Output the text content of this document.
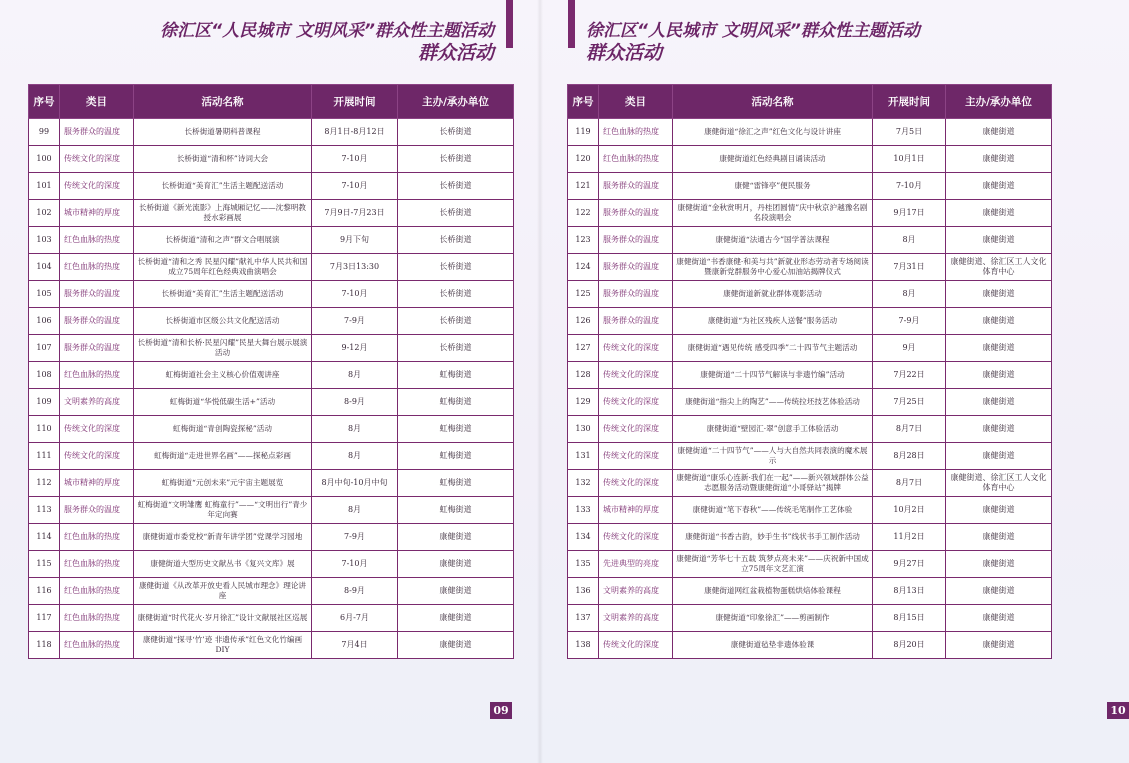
徐汇区“人民城市 文明风采”群众性主题活动
群众活动
序号	类目	活动名称	开展时间	主办/承办单位
99	服务群众的温度	长桥街道暑期科普课程	8月1日-8月12日	长桥街道
100	传统文化的深度	长桥街道“清和杯”诗词大会	7-10月	长桥街道
101	传统文化的深度	长桥街道“美育汇”生活主题配送活动	7-10月	长桥街道
102	城市精神的厚度	长桥街道《新光流影》上海城厢记忆——沈黎明教授水彩画展	7月9日-7月23日	长桥街道
103	红色血脉的热度	长桥街道“清和之声”群文合唱展演	9月下旬	长桥街道
104	红色血脉的热度	长桥街道“清和之秀 民星闪耀”献礼中华人民共和国成立75周年红色经典戏曲演唱会	7月3日13:30	长桥街道
105	服务群众的温度	长桥街道“美育汇”生活主题配送活动	7-10月	长桥街道
106	服务群众的温度	长桥街道市区级公共文化配送活动	7-9月	长桥街道
107	服务群众的温度	长桥街道“清和长桥·民星闪耀”民星大舞台展示展演活动	9-12月	长桥街道
108	红色血脉的热度	虹梅街道社会主义核心价值观讲座	8月	虹梅街道
109	文明素养的高度	虹梅街道“华悦低碳生活+”活动	8-9月	虹梅街道
110	传统文化的深度	虹梅街道“青创陶瓷探秘”活动	8月	虹梅街道
111	传统文化的深度	虹梅街道“走进世界名画”——探秘点彩画	8月	虹梅街道
112	城市精神的厚度	虹梅街道“元创未来”元宇宙主题展览	8月中旬-10月中旬	虹梅街道
113	服务群众的温度	虹梅街道“文明雏鹰 虹梅童行”——“文明出行”青少年定向赛	8月	虹梅街道
114	红色血脉的热度	康健街道市委党校“新青年讲学团”党课学习园地	7-9月	康健街道
115	红色血脉的热度	康健街道大型历史文献丛书《复兴文库》展	7-10月	康健街道
116	红色血脉的热度	康健街道《从改革开放史看人民城市理念》理论讲座	8-9月	康健街道
117	红色血脉的热度	康健街道“时代花火·岁月徐汇”设计文献展社区巡展	6月-7月	康健街道
118	红色血脉的热度	康健街道“探寻‘竹’迹 非遗传承”红色文化竹编画DIY	7月4日	康健街道
09
徐汇区“人民城市 文明风采”群众性主题活动
群众活动
10
序号	类目	活动名称	开展时间	主办/承办单位
119	红色血脉的热度	康健街道“徐汇之声”红色文化与设计讲座	7月5日	康健街道
120	红色血脉的热度	康健街道红色经典剧目诵读活动	10月1日	康健街道
121	服务群众的温度	康健“雷锋亭”便民服务	7-10月	康健街道
122	服务群众的温度	康健街道“金秋赏明月，丹桂团圆情”庆中秋京沪越豫名剧名段演唱会	9月17日	康健街道
123	服务群众的温度	康健街道“法通古今”国学普法课程	8月	康健街道
124	服务群众的温度	康健街道“书香康健·和美与共”新就业形态劳动者专场阅读暨康新党群服务中心爱心加油站揭牌仪式	7月31日	康健街道、徐汇区工人文化体育中心
125	服务群众的温度	康健街道新就业群体观影活动	8月	康健街道
126	服务群众的温度	康健街道“为社区残疾人送餐”服务活动	7-9月	康健街道
127	传统文化的深度	康健街道“遇见传统 感受四季”二十四节气主题活动	9月	康健街道
128	传统文化的深度	康健街道“二十四节气解读与非遗竹编”活动	7月22日	康健街道
129	传统文化的深度	康健街道“指尖上的陶艺”——传统拉坯技艺体验活动	7月25日	康健街道
130	传统文化的深度	康健街道“壁园汇·翠”创意手工体验活动	8月7日	康健街道
131	传统文化的深度	康健街道“二十四节气”——人与大自然共同表演的魔术展示	8月28日	康健街道
132	传统文化的深度	康健街道“康乐心连新·我们在一起”——新兴领域群体公益志愿服务活动暨康健街道“小哥驿站”揭牌	8月7日	康健街道、徐汇区工人文化体育中心
133	城市精神的厚度	康健街道“笔下春秋”——传统毛笔制作工艺体验	10月2日	康健街道
134	传统文化的深度	康健街道“书香古韵，妙手生书”线状书手工制作活动	11月2日	康健街道
135	先进典型的亮度	康健街道“芳华七十五载 筑梦点亮未来”——庆祝新中国成立75周年文艺汇演	9月27日	康健街道
136	文明素养的高度	康健街道网红盆栽植物蛋糕烘焙体验课程	8月13日	康健街道
137	文明素养的高度	康健街道“印象徐汇”——剪画制作	8月15日	康健街道
138	传统文化的深度	康健街道毡垫非遗体验课	8月20日	康健街道
